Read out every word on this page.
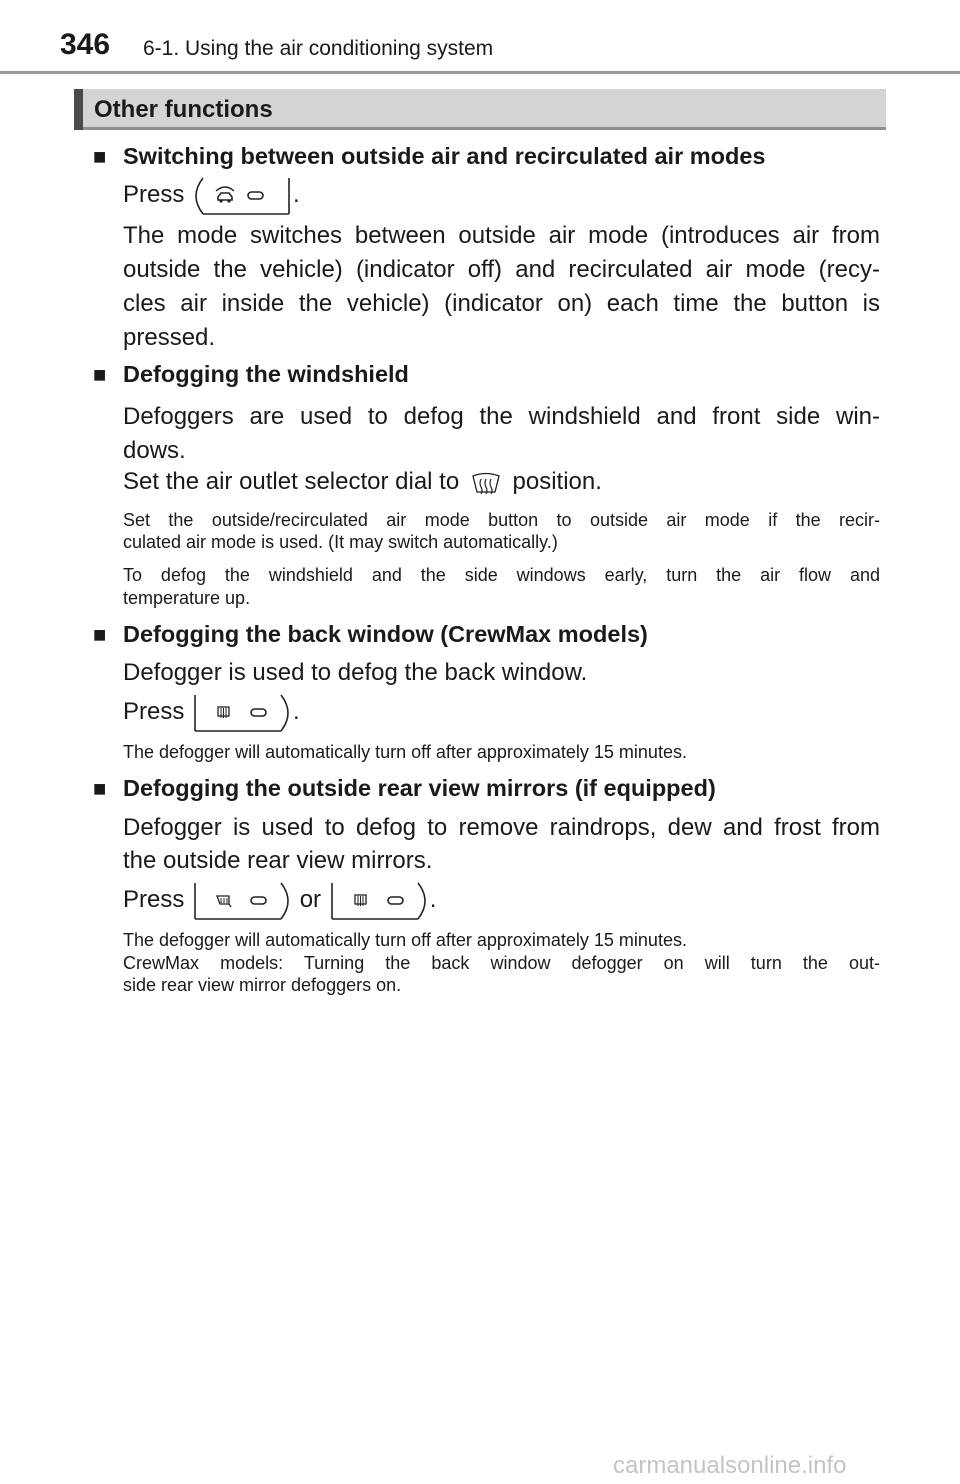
346 6-1. Using the air conditioning system
Other functions
■ Switching between outside air and recirculated air modes
Press	.
The mode switches between outside air mode (introduces air from
outside the vehicle) (indicator off) and recirculated air mode (recy-
cles air inside the vehicle) (indicator on) each time the button is
pressed.
■ Defogging the windshield
Defoggers are used to defog the windshield and front side win-
dows.
Set the air outlet selector dial to position.
Set the outside/recirculated air mode button to outside air mode if the recir-
culated air mode is used. (It may switch automatically.)
To defog the windshield and the side windows early, turn the air flow and
temperature up.
■ Defogging the back window (CrewMax models)
Defogger is used to defog the back window.
Press	.
The defogger will automatically turn off after approximately 15 minutes.
■ Defogging the outside rear view mirrors (if equipped)
Defogger is used to defog to remove raindrops, dew and frost from
the outside rear view mirrors.
Press	or	.
The defogger will automatically turn off after approximately 15 minutes.
CrewMax models: Turning the back window defogger on will turn the out-
side rear view mirror defoggers on.
carmanualsonline.info
